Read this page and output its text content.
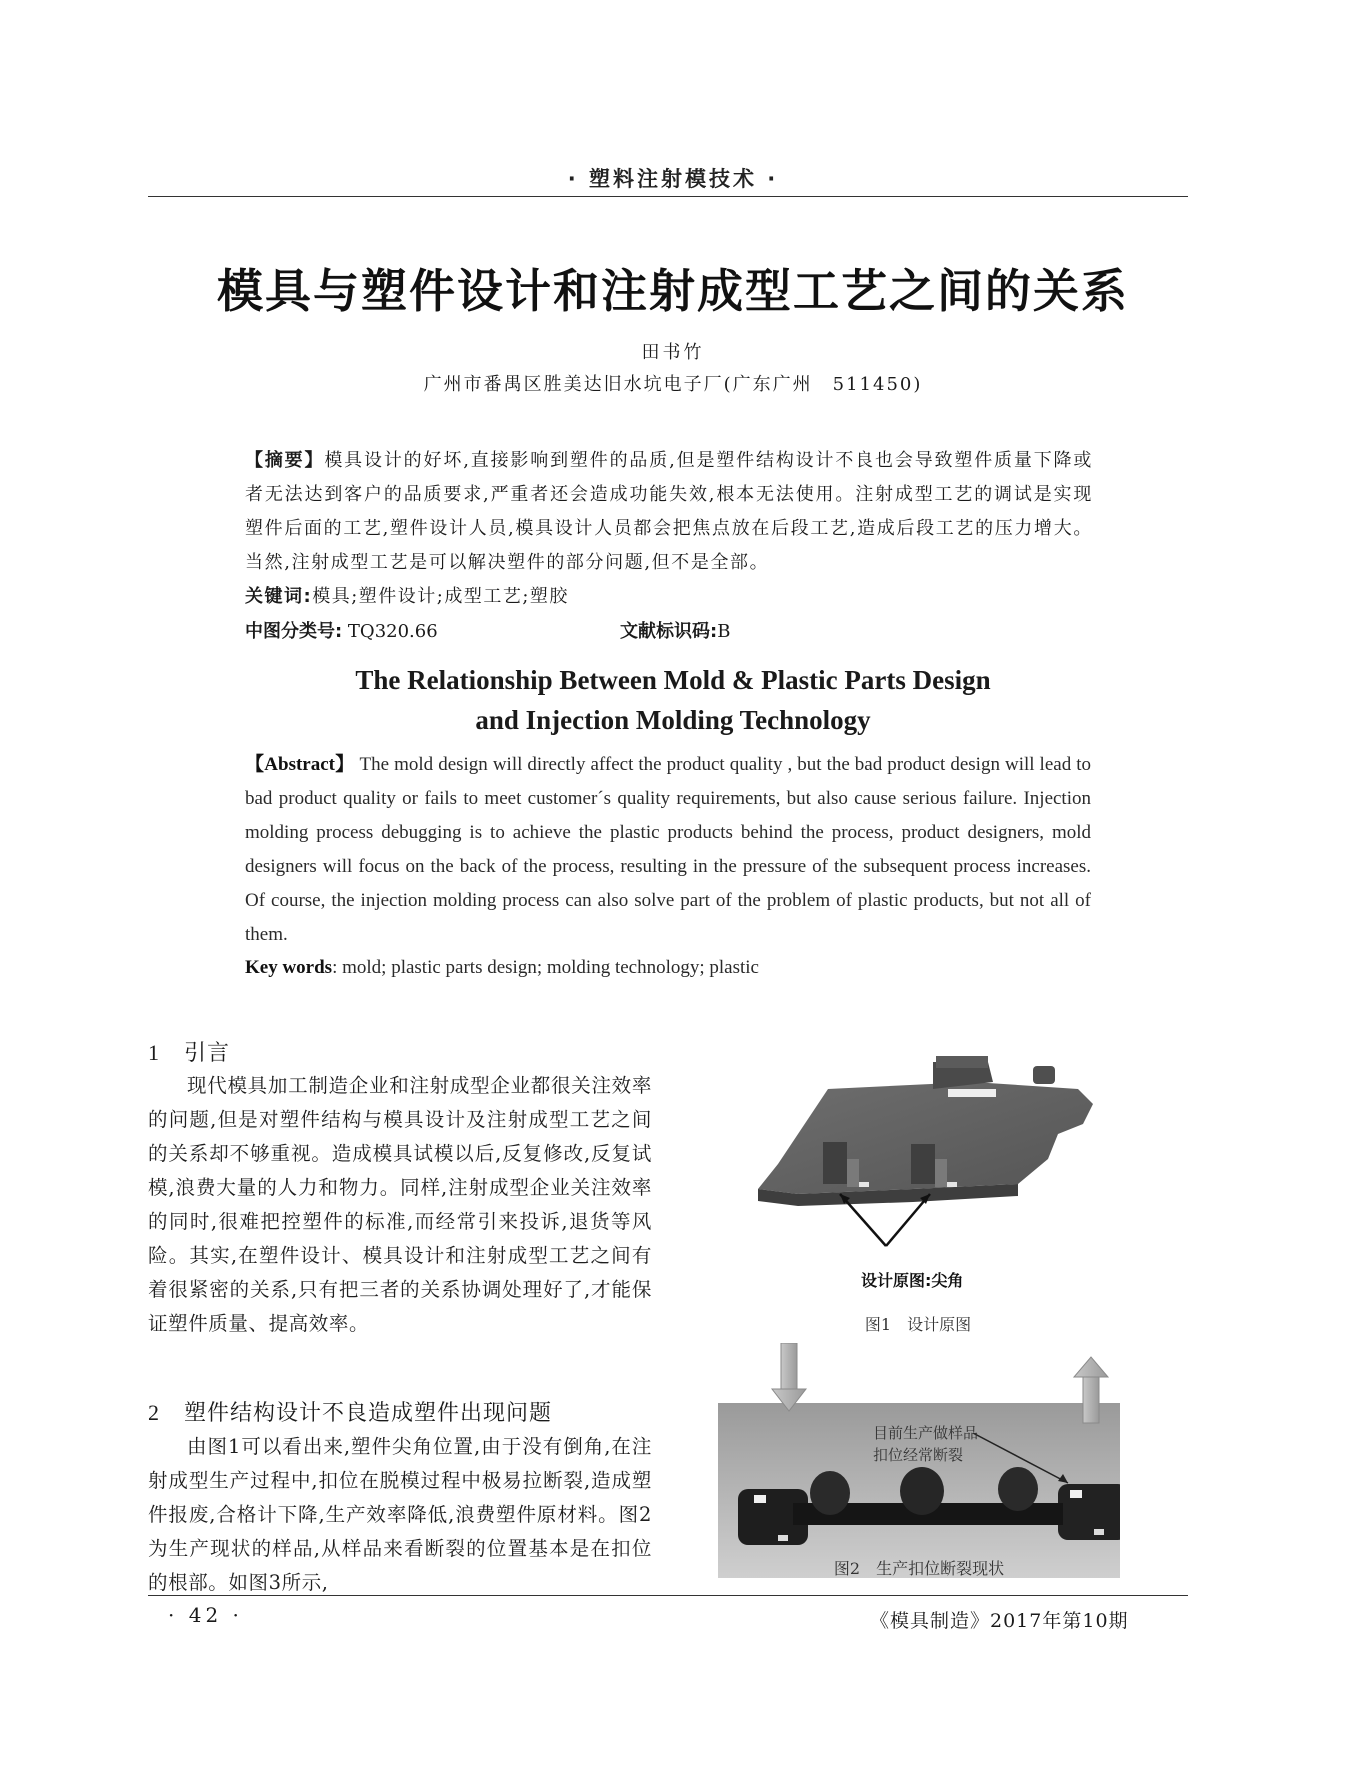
· 塑料注射模技术 ·
模具与塑件设计和注射成型工艺之间的关系
田书竹
广州市番禺区胜美达旧水坑电子厂(广东广州　511450)
【摘要】模具设计的好坏,直接影响到塑件的品质,但是塑件结构设计不良也会导致塑件质量下降或者无法达到客户的品质要求,严重者还会造成功能失效,根本无法使用。注射成型工艺的调试是实现塑件后面的工艺,塑件设计人员,模具设计人员都会把焦点放在后段工艺,造成后段工艺的压力增大。当然,注射成型工艺是可以解决塑件的部分问题,但不是全部。
关键词:模具;塑件设计;成型工艺;塑胶
中图分类号: TQ320.66	文献标识码:B
The Relationship Between Mold & Plastic Parts Design
and Injection Molding Technology
【Abstract】 The mold design will directly affect the product quality , but the bad product design will lead to bad product quality or fails to meet customer´s quality requirements, but also cause serious failure. Injection molding process debugging is to achieve the plastic products behind the process, product designers, mold designers will focus on the back of the process, resulting in the pressure of the subsequent process increases. Of course, the injection molding process can also solve part of the problem of plastic products, but not all of them.
Key words: mold; plastic parts design; molding technology; plastic
1 引言

现代模具加工制造企业和注射成型企业都很关注效率的问题,但是对塑件结构与模具设计及注射成型工艺之间的关系却不够重视。造成模具试模以后,反复修改,反复试模,浪费大量的人力和物力。同样,注射成型企业关注效率的同时,很难把控塑件的标准,而经常引来投诉,退货等风险。其实,在塑件设计、模具设计和注射成型工艺之间有着很紧密的关系,只有把三者的关系协调处理好了,才能保证塑件质量、提高效率。

2 塑件结构设计不良造成塑件出现问题

由图1可以看出来,塑件尖角位置,由于没有倒角,在注射成型生产过程中,扣位在脱模过程中极易拉断裂,造成塑件报废,合格计下降,生产效率降低,浪费塑件原材料。图2为生产现状的样品,从样品来看断裂的位置基本是在扣位的根部。如图3所示,

设计原图:尖角
图1　设计原图
目前生产做样品
扣位经常断裂
图2　生产扣位断裂现状
· 42 ·	《模具制造》2017年第10期
